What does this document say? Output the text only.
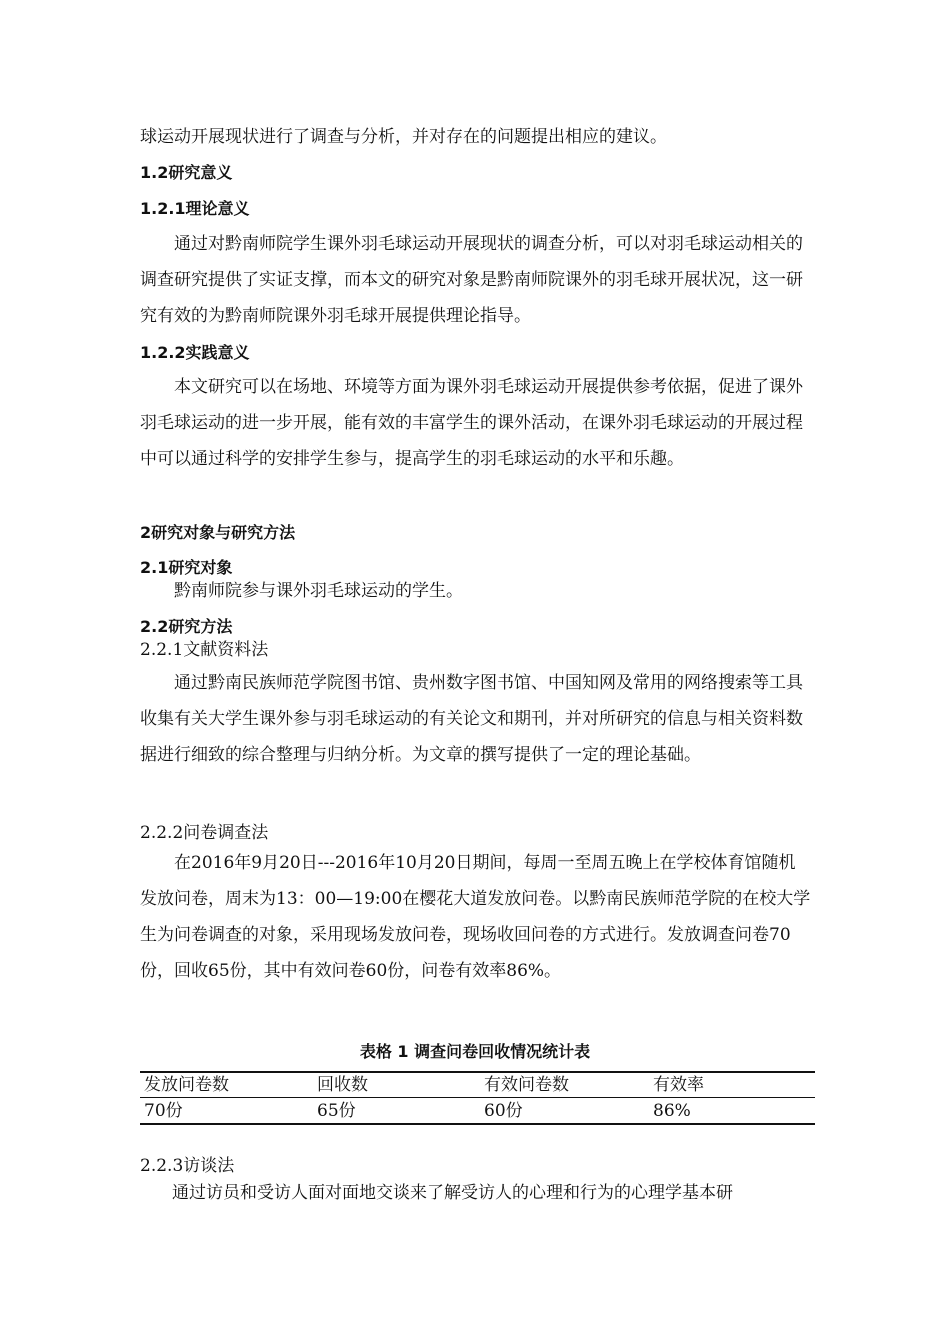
球运动开展现状进行了调查与分析，并对存在的问题提出相应的建议。
1.2研究意义
1.2.1理论意义
通过对黔南师院学生课外羽毛球运动开展现状的调查分析，可以对羽毛球运动相关的调查研究提供了实证支撑，而本文的研究对象是黔南师院课外的羽毛球开展状况，这一研究有效的为黔南师院课外羽毛球开展提供理论指导。
1.2.2实践意义
本文研究可以在场地、环境等方面为课外羽毛球运动开展提供参考依据，促进了课外羽毛球运动的进一步开展，能有效的丰富学生的课外活动，在课外羽毛球运动的开展过程中可以通过科学的安排学生参与，提高学生的羽毛球运动的水平和乐趣。
2研究对象与研究方法
2.1研究对象
黔南师院参与课外羽毛球运动的学生。
2.2研究方法
2.2.1文献资料法
通过黔南民族师范学院图书馆、贵州数字图书馆、中国知网及常用的网络搜索等工具收集有关大学生课外参与羽毛球运动的有关论文和期刊，并对所研究的信息与相关资料数据进行细致的综合整理与归纳分析。为文章的撰写提供了一定的理论基础。
2.2.2问卷调查法
在2016年9月20日---2016年10月20日期间，每周一至周五晚上在学校体育馆随机发放问卷，周末为13：00—19:00在樱花大道发放问卷。以黔南民族师范学院的在校大学生为问卷调查的对象，采用现场发放问卷，现场收回问卷的方式进行。发放调查问卷70份，回收65份，其中有效问卷60份，问卷有效率86%。
表格 1 调查问卷回收情况统计表
发放问卷数	回收数	有效问卷数	有效率
70份	65份	60份	86%
2.2.3访谈法
通过访员和受访人面对面地交谈来了解受访人的心理和行为的心理学基本研
